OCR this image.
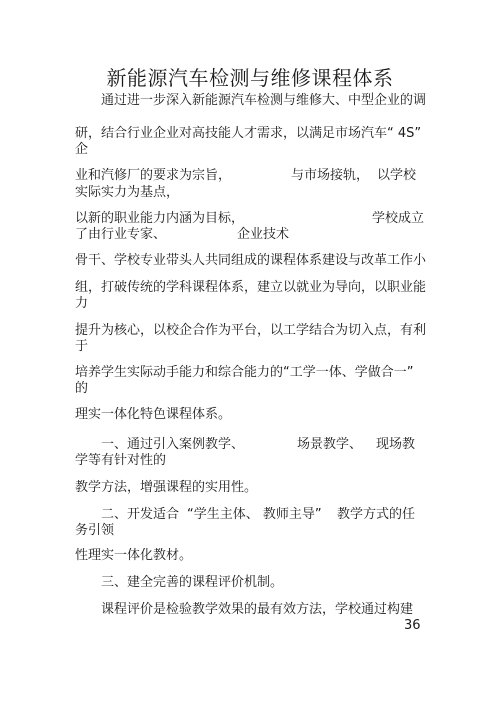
新能源汽车检测与维修课程体系
通过进一步深入新能源汽车检测与维修大、中型企业的调
研，结合行业企业对高技能人才需求，以满足市场汽车“ 4S”
企
业和汽修厂的要求为宗旨，	与市场接轨， 以学校
实际实力为基点，
以新的职业能力内涵为目标，	学校成立
了由行业专家、	企业技术
骨干、学校专业带头人共同组成的课程体系建设与改革工作小
组，打破传统的学科课程体系，建立以就业为导向，以职业能
力
提升为核心，以校企合作为平台，以工学结合为切入点，有利
于
培养学生实际动手能力和综合能力的“工学一体、学做合一”
的
理实一体化特色课程体系。
一、通过引入案例教学、	场景教学、 现场教
学等有针对性的
教学方法，增强课程的实用性。
二、开发适合 “学生主体、 教师主导” 教学方式的任
务引领
性理实一体化教材。
三、建全完善的课程评价机制。
课程评价是检验教学效果的最有效方法，学校通过构建
36
